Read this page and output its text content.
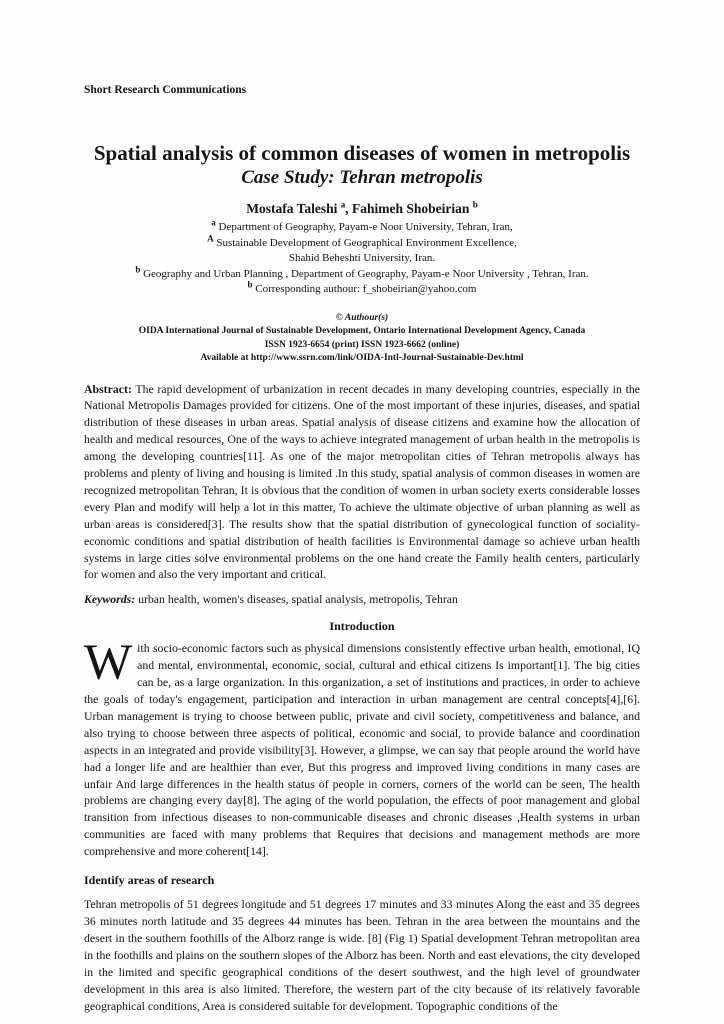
Short Research Communications
Spatial analysis of common diseases of women in metropolis
Case Study: Tehran metropolis
Mostafa Taleshi $^a$, Fahimeh Shobeirian $^b$
$^a$ Department of Geography, Payam-e Noor University, Tehran, Iran,
$^A$ Sustainable Development of Geographical Environment Excellence,
Shahid Beheshti University, Iran.
$^b$ Geography and Urban Planning , Department of Geography, Payam-e Noor University , Tehran, Iran.
$^b$ Corresponding authour: f_shobeirian@yahoo.com
© Authour(s)
OIDA International Journal of Sustainable Development, Ontario International Development Agency, Canada
ISSN 1923-6654 (print) ISSN 1923-6662 (online)
Available at http://www.ssrn.com/link/OIDA-Intl-Journal-Sustainable-Dev.html

Abstract: The rapid development of urbanization in recent decades in many developing countries, especially in the National Metropolis Damages provided for citizens. One of the most important of these injuries, diseases, and spatial distribution of these diseases in urban areas. Spatial analysis of disease citizens and examine how the allocation of health and medical resources, One of the ways to achieve integrated management of urban health in the metropolis is among the developing countries[11]. As one of the major metropolitan cities of Tehran metropolis always has problems and plenty of living and housing is limited .In this study, spatial analysis of common diseases in women are recognized metropolitan Tehran, It is obvious that the condition of women in urban society exerts considerable losses every Plan and modify will help a lot in this matter, To achieve the ultimate objective of urban planning as well as urban areas is considered[3]. The results show that the spatial distribution of gynecological function of sociality-economic conditions and spatial distribution of health facilities is Environmental damage so achieve urban health systems in large cities solve environmental problems on the one hand create the Family health centers, particularly for women and also the very important and critical.

Keywords: urban health, women's diseases, spatial analysis, metropolis, Tehran

Introduction

With socio-economic factors such as physical dimensions consistently effective urban health, emotional, IQ and mental, environmental, economic, social, cultural and ethical citizens Is important[1]. The big cities can be, as a large organization. In this organization, a set of institutions and practices, in order to achieve the goals of today's engagement, participation and interaction in urban management are central concepts[4],[6]. Urban management is trying to choose between public, private and civil society, competitiveness and balance, and also trying to choose between three aspects of political, economic and social, to provide balance and coordination aspects in an integrated and provide visibility[3]. However, a glimpse, we can say that people around the world have had a longer life and are healthier than ever, But this progress and improved living conditions in many cases are unfair And large differences in the health status of people in corners, corners of the world can be seen, The health problems are changing every day[8]. The aging of the world population, the effects of poor management and global transition from infectious diseases to non-communicable diseases and chronic diseases ,Health systems in urban communities are faced with many problems that Requires that decisions and management methods are more comprehensive and more coherent[14].

Identify areas of research

Tehran metropolis of 51 degrees longitude and 51 degrees 17 minutes and 33 minutes Along the east and 35 degrees 36 minutes north latitude and 35 degrees 44 minutes has been. Tehran in the area between the mountains and the desert in the southern foothills of the Alborz range is wide. [8] (Fig 1) Spatial development Tehran metropolitan area in the foothills and plains on the southern slopes of the Alborz has been. North and east elevations, the city developed in the limited and specific geographical conditions of the desert southwest, and the high level of groundwater development in this area is also limited. Therefore, the western part of the city because of its relatively favorable geographical conditions, Area is considered suitable for development. Topographic conditions of the
